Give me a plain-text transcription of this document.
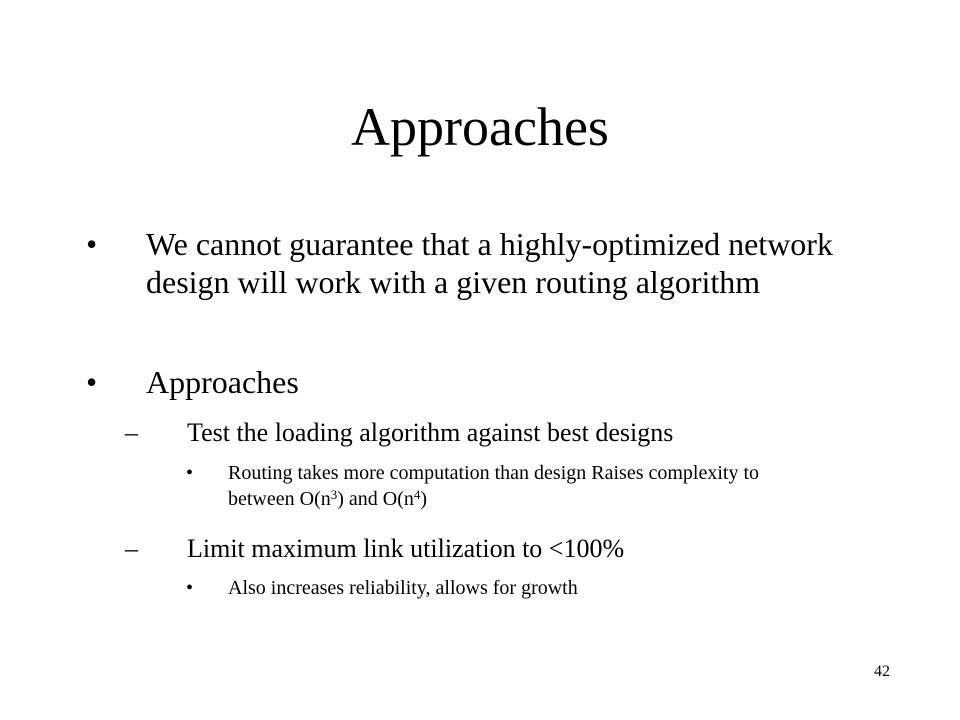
Approaches
• We cannot guarantee that a highly-optimized network design will work with a given routing algorithm
• Approaches
– Test the loading algorithm against best designs
• Routing takes more computation than design Raises complexity to between $O(n^3)$ and $O(n^4)$
– Limit maximum link utilization to <100%
• Also increases reliability, allows for growth
42
